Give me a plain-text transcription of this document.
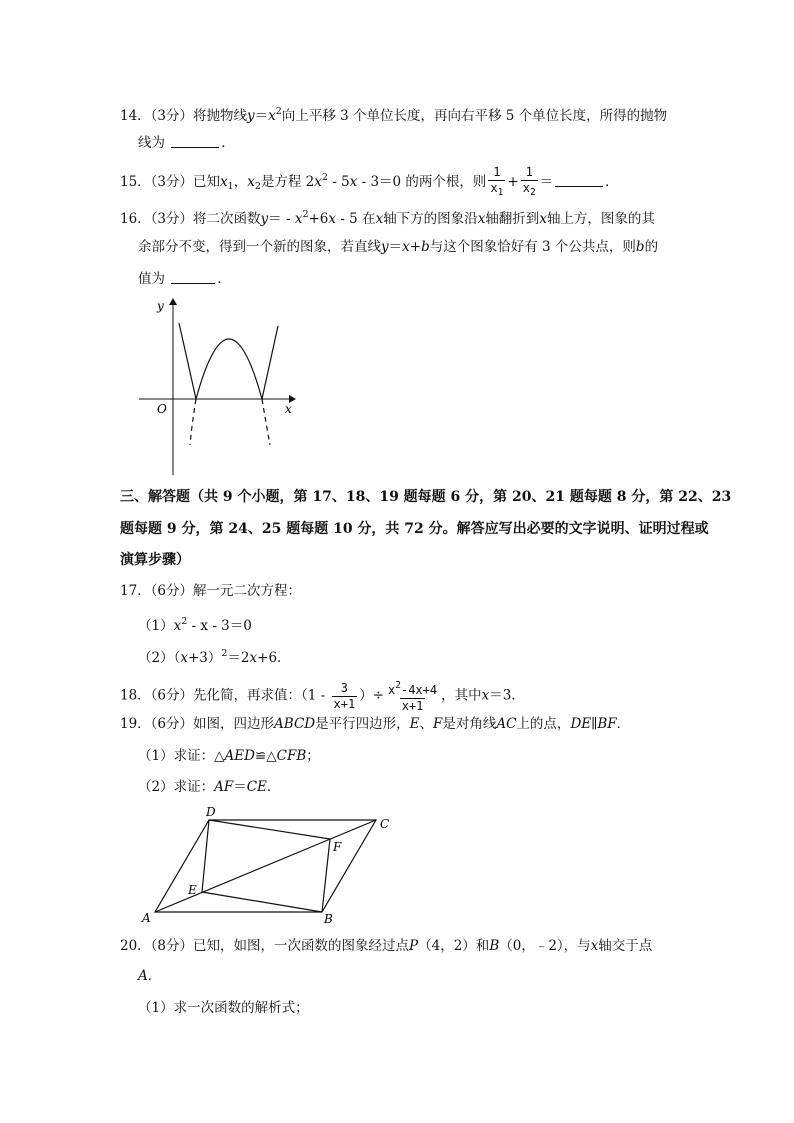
14．（3分）将抛物线$y=x^2$向上平移 3 个单位长度，再向右平移 5 个单位长度，所得的抛物
线为	．
15．（3分）已知$x_1$，$x_2$是方程 $2x^2 - 5x - 3=0$ 的两个根，则 $\frac{1}{x_1} + \frac{1}{x_2}$ ＝	．
16．（3分）将二次函数$y= - x^2+6x - 5$ 在x轴下方的图象沿x轴翻折到x轴上方，图象的其
余部分不变，得到一个新的图象，若直线y＝x+b与这个图象恰好有 3 个公共点，则b的
值为	．
y
O	x
三、解答题（共 9 个小题，第 17、18、19 题每题 6 分，第 20、21 题每题 8 分，第 22、23
题每题 9 分，第 24、25 题每题 10 分，共 72 分。解答应写出必要的文字说明、证明过程或
演算步骤）
17．（6分）解一元二次方程：
$(1)x^2 - x - 3=0$
$(2)(x+3)^2=2x+6$．
18．（6分）先化简，再求值：（$1 - \frac{3}{x+1}$ ）÷ $\frac{x^2-4x+4}{x+1}$ ，其中x＝3．
19．（6分）如图，四边形ABCD是平行四边形，E、F是对角线AC上的点，DE∥BF．
（1）求证：△AED≌△CFB；
（2）求证：AF＝CE．
A	B
C
D
E
F
20．（8分）已知，如图，一次函数的图象经过点P（4，2）和B（0，﹣2），与x轴交于点
A．
（1）求一次函数的解析式；
